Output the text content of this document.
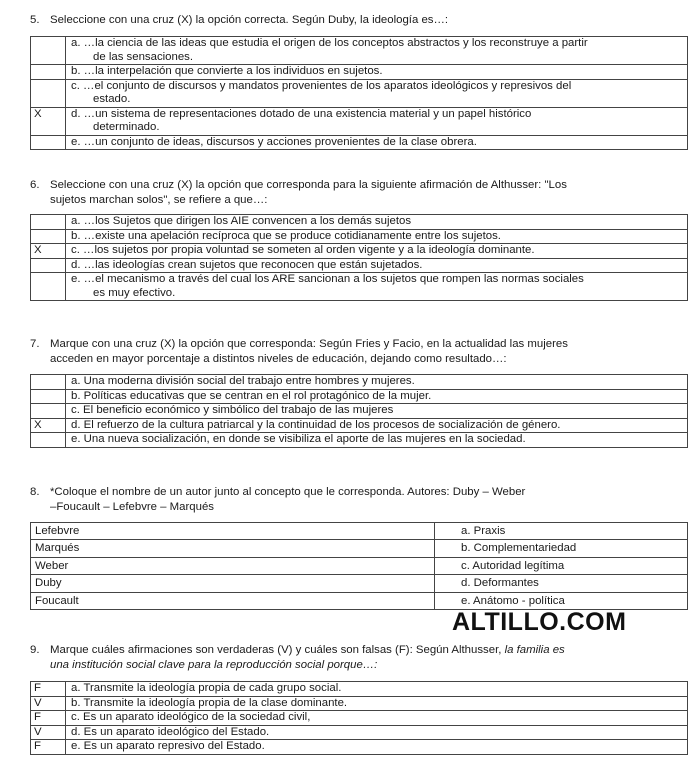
5. Seleccione con una cruz (X) la opción correcta. Según Duby, la ideología es…:
	a. …la ciencia de las ideas que estudia el origen de los conceptos abstractos y los reconstruye a partir
de las sensaciones.

	b. …la interpelación que convierte a los individuos en sujetos.
	c. …el conjunto de discursos y mandatos provenientes de los aparatos ideológicos y represivos del
estado.

X	d. …un sistema de representaciones dotado de una existencia material y un papel histórico
determinado.

	e. …un conjunto de ideas, discursos y acciones provenientes de la clase obrera.
6. Seleccione con una cruz (X) la opción que corresponda para la siguiente afirmación de Althusser: "Los
sujetos marchan solos", se refiere a que…:
	a. …los Sujetos que dirigen los AIE convencen a los demás sujetos
	b. …existe una apelación recíproca que se produce cotidianamente entre los sujetos.
X	c. …los sujetos por propia voluntad se someten al orden vigente y a la ideología dominante.
	d. …las ideologías crean sujetos que reconocen que están sujetados.
	e. …el mecanismo a través del cual los ARE sancionan a los sujetos que rompen las normas sociales
es muy efectivo.
7. Marque con una cruz (X) la opción que corresponda: Según Fries y Facio, en la actualidad las mujeres
acceden en mayor porcentaje a distintos niveles de educación, dejando como resultado…:
	a. Una moderna división social del trabajo entre hombres y mujeres.
	b. Políticas educativas que se centran en el rol protagónico de la mujer.
	c. El beneficio económico y simbólico del trabajo de las mujeres
X	d. El refuerzo de la cultura patriarcal y la continuidad de los procesos de socialización de género.
	e. Una nueva socialización, en donde se visibiliza el aporte de las mujeres en la sociedad.
8. *Coloque el nombre de un autor junto al concepto que le corresponda. Autores: Duby – Weber
–Foucault – Lefebvre – Marqués
Lefebvre	a. Praxis
Marqués	b. Complementariedad
Weber	c. Autoridad legítima
Duby	d. Deformantes
Foucault	e. Anátomo - política
ALTILLO.COM
9. Marque cuáles afirmaciones son verdaderas (V) y cuáles son falsas (F): Según Althusser, la familia es
una institución social clave para la reproducción social porque…:
F	a. Transmite la ideología propia de cada grupo social.
V	b. Transmite la ideología propia de la clase dominante.
F	c. Es un aparato ideológico de la sociedad civil,
V	d. Es un aparato ideológico del Estado.
F	e. Es un aparato represivo del Estado.
